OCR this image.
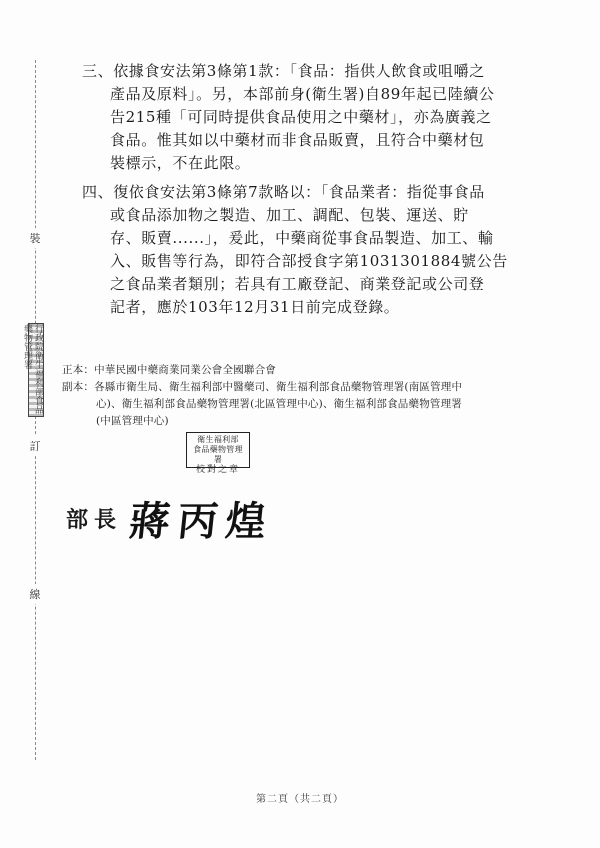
裝
訂
線
行政院衛生福利部食品藥物管理署
三、依據食安法第3條第1款：「食品：指供人飲食或咀嚼之
產品及原料」。另，本部前身(衛生署)自89年起已陸續公
告215種「可同時提供食品使用之中藥材」，亦為廣義之
食品。惟其如以中藥材而非食品販賣，且符合中藥材包
裝標示，不在此限。
四、復依食安法第3條第7款略以：「食品業者：指從事食品
或食品添加物之製造、加工、調配、包裝、運送、貯
存、販賣......」，爰此，中藥商從事食品製造、加工、輸
入、販售等行為，即符合部授食字第1031301884號公告
之食品業者類別；若具有工廠登記、商業登記或公司登
記者，應於103年12月31日前完成登錄。
正本：中華民國中藥商業同業公會全國聯合會
副本：各縣市衛生局、衛生福利部中醫藥司、衛生福利部食品藥物管理署(南區管理中
心)、衛生福利部食品藥物管理署(北區管理中心)、衛生福利部食品藥物管理署
(中區管理中心)
衛生福利部
食品藥物管理署
校對之章
部長 蔣丙煌
第二頁（共二頁）
